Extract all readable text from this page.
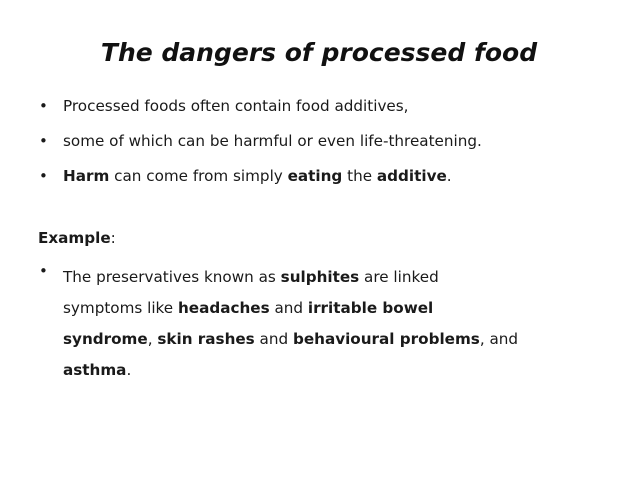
The dangers of processed food
• Processed foods often contain food additives,
• some of which can be harmful or even life-threatening.
• Harm can come from simply eating the additive.
Example:
• The preservatives known as sulphites are linked
symptoms like headaches and irritable bowel
syndrome, skin rashes and behavioural problems, and
asthma.
